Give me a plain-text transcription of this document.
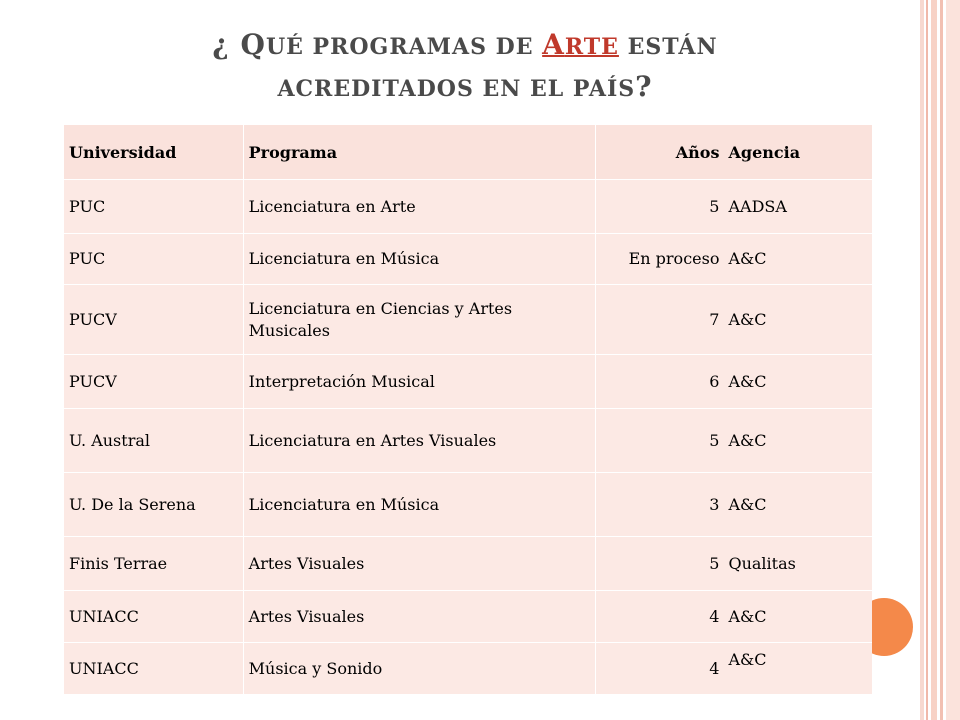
¿ QUÉ PROGRAMAS DE ARTE ESTÁN
ACREDITADOS EN EL PAÍS?
Universidad	Programa	Años	Agencia
PUC	Licenciatura en Arte	5	AADSA
PUC	Licenciatura en Música	En proceso	A&C
PUCV	Licenciatura en Ciencias y Artes Musicales	7	A&C
PUCV	Interpretación Musical	6	A&C
U. Austral	Licenciatura en Artes Visuales	5	A&C
U. De la Serena	Licenciatura en Música	3	A&C
Finis Terrae	Artes Visuales	5	Qualitas
UNIACC	Artes Visuales	4	A&C
UNIACC	Música y Sonido	4	A&C
